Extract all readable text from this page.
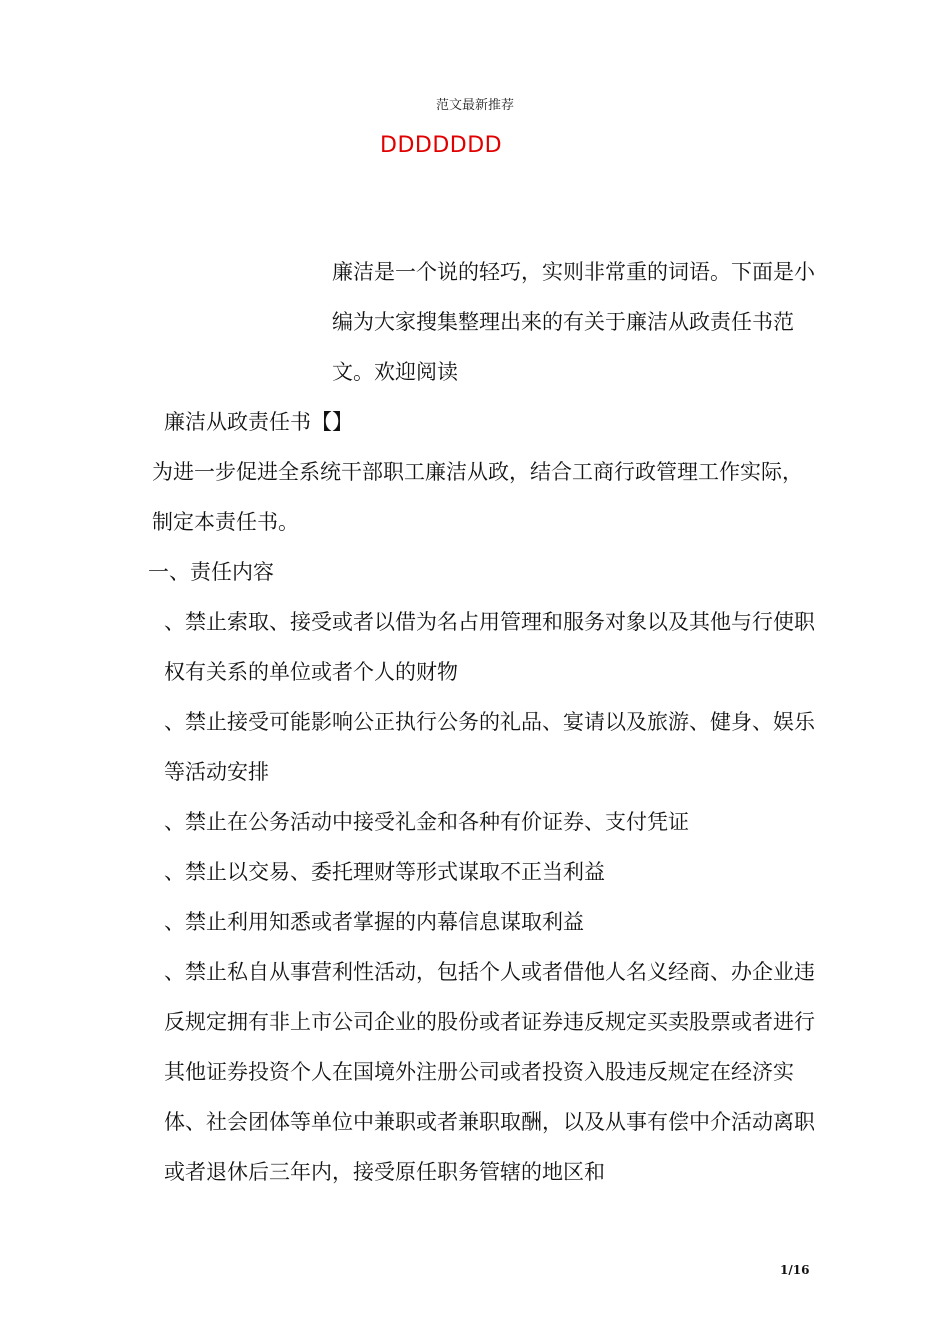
范文最新推荐
DDDDDDD

廉洁是一个说的轻巧，实则非常重的词语。下面是小编为大家搜集整理出来的有关于廉洁从政责任书范文。欢迎阅读

廉洁从政责任书【】

为进一步促进全系统干部职工廉洁从政，结合工商行政管理工作实际，制定本责任书。

一、责任内容

、禁止索取、接受或者以借为名占用管理和服务对象以及其他与行使职权有关系的单位或者个人的财物

、禁止接受可能影响公正执行公务的礼品、宴请以及旅游、健身、娱乐等活动安排

、禁止在公务活动中接受礼金和各种有价证券、支付凭证

、禁止以交易、委托理财等形式谋取不正当利益

、禁止利用知悉或者掌握的内幕信息谋取利益

、禁止私自从事营利性活动，包括个人或者借他人名义经商、办企业违反规定拥有非上市公司企业的股份或者证券违反规定买卖股票或者进行其他证券投资个人在国境外注册公司或者投资入股违反规定在经济实体、社会团体等单位中兼职或者兼职取酬，以及从事有偿中介活动离职或者退休后三年内，接受原任职务管辖的地区和

1/16
